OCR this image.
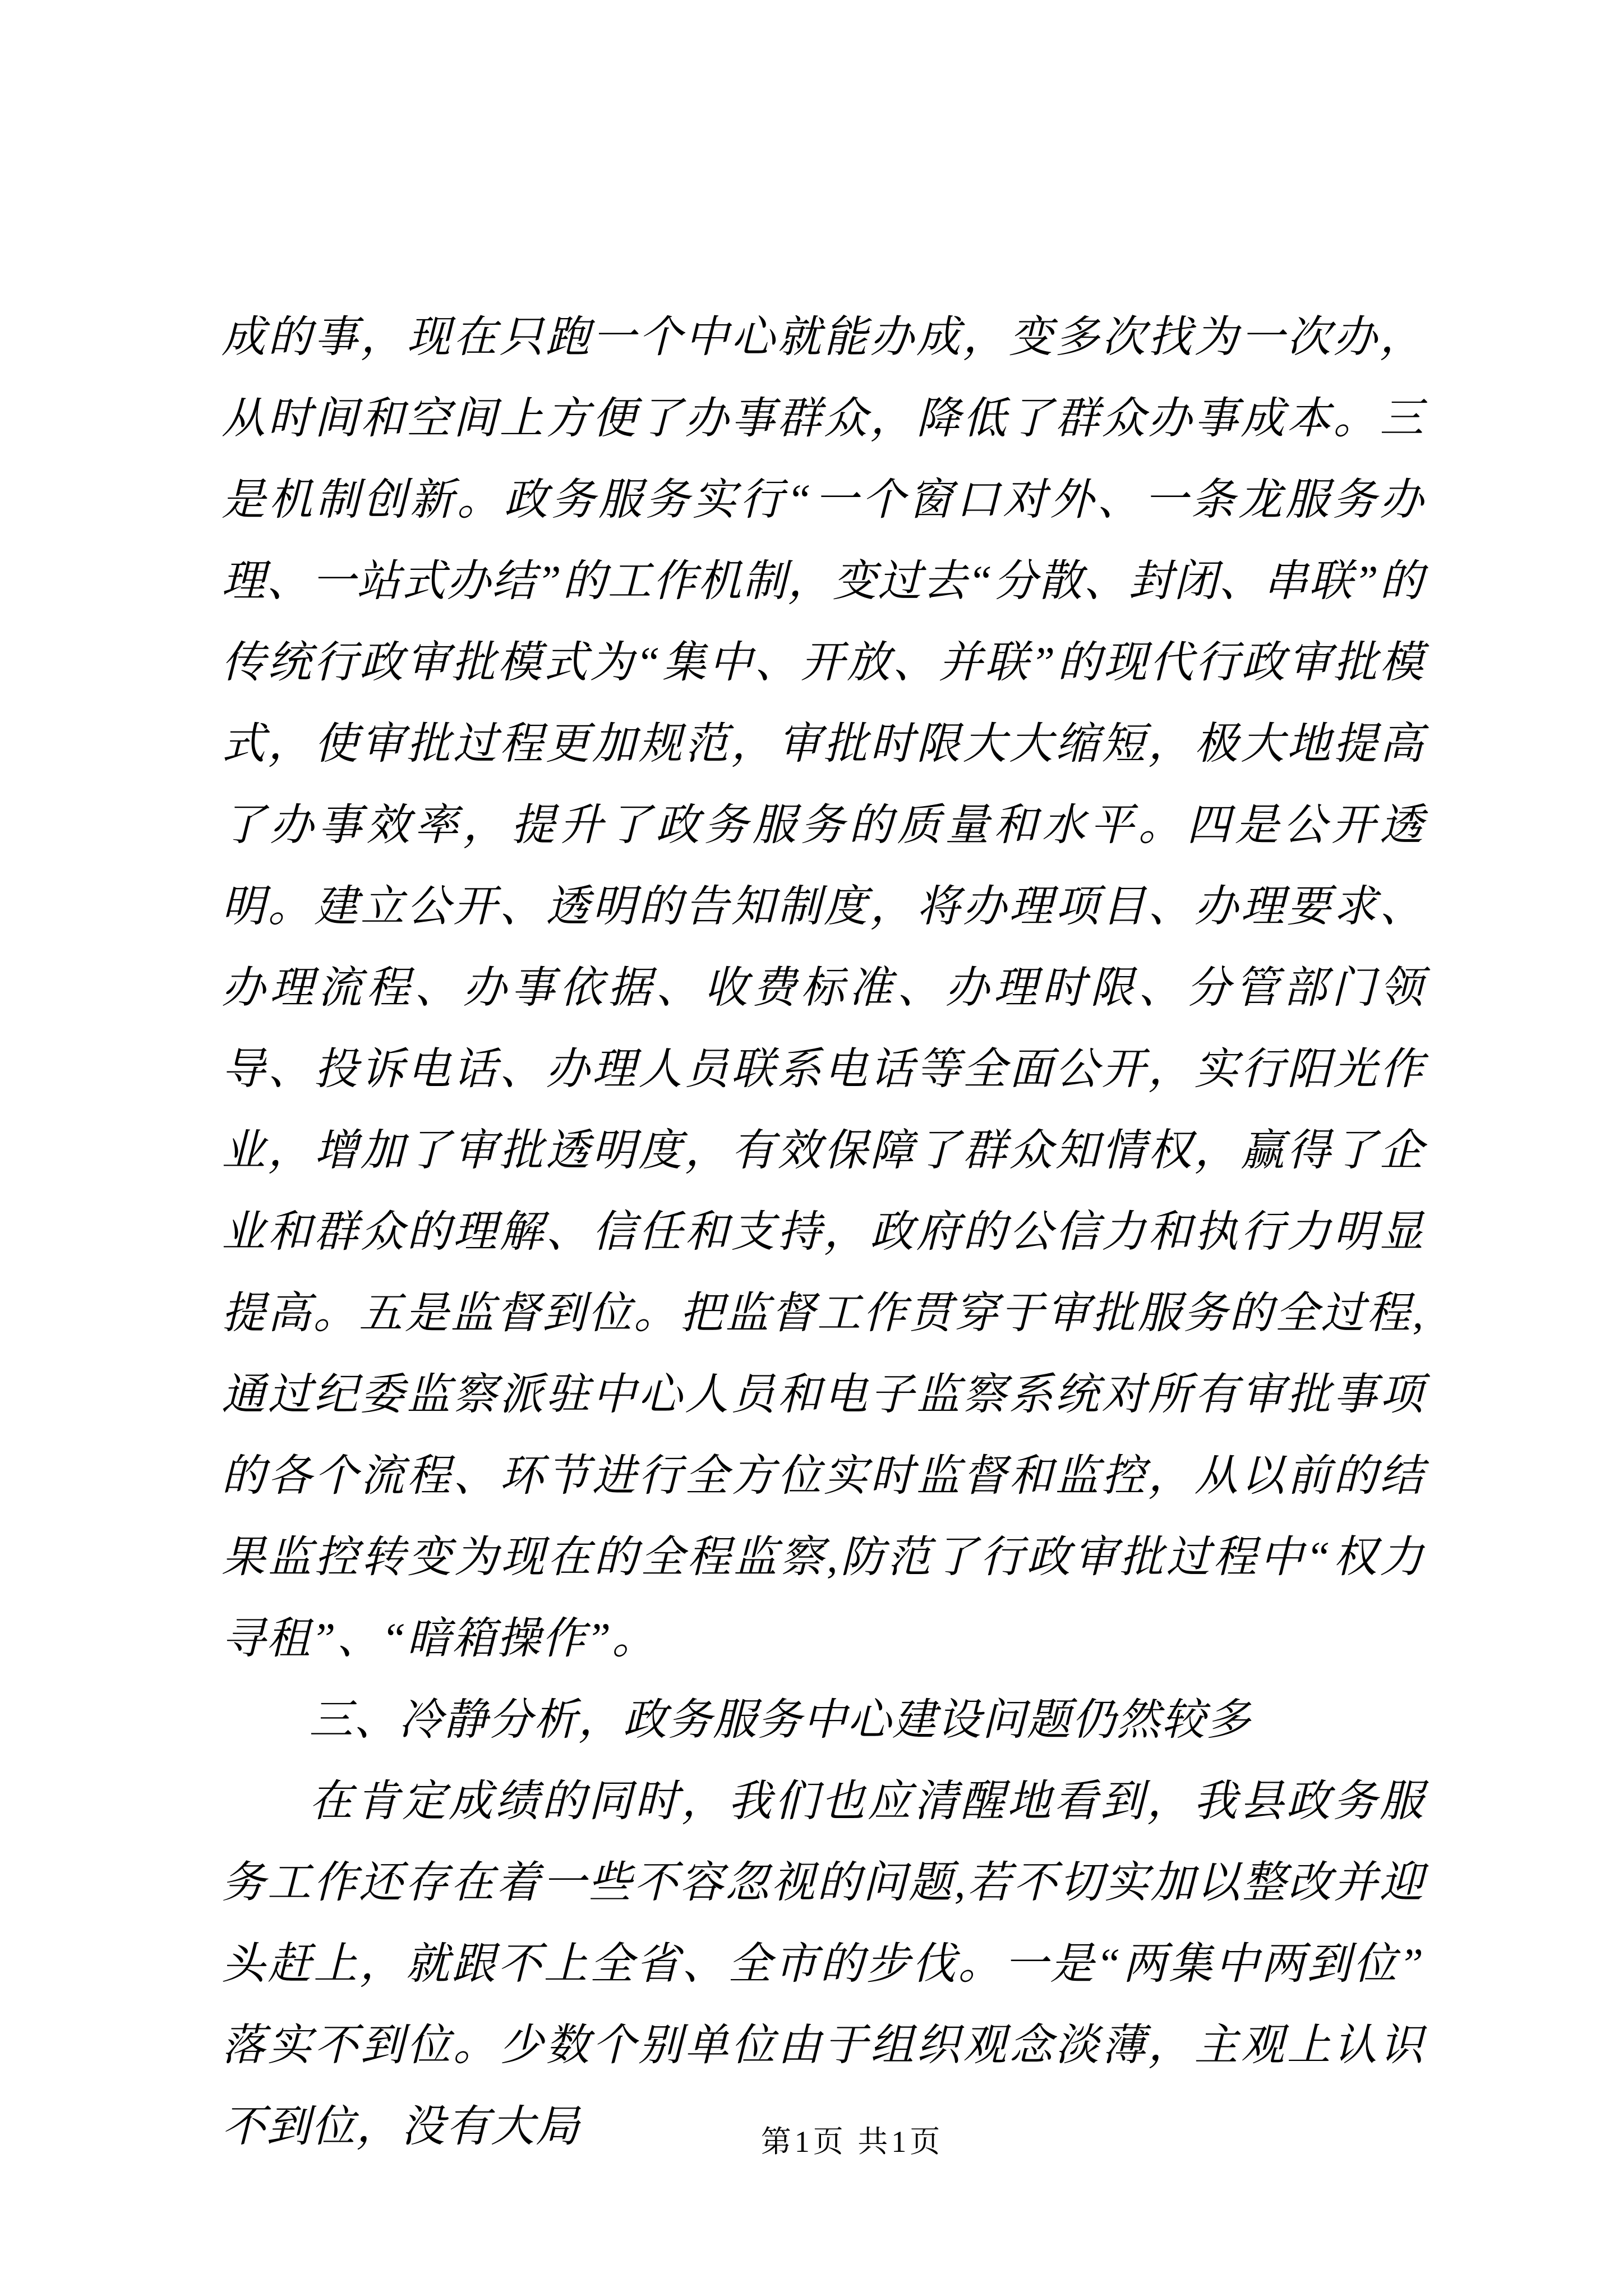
成的事，现在只跑一个中心就能办成，变多次找为一次办，从时间和空间上方便了办事群众，降低了群众办事成本。三是机制创新。政务服务实行“一个窗口对外、一条龙服务办理、一站式办结”的工作机制，变过去“分散、封闭、串联”的传统行政审批模式为“集中、开放、并联”的现代行政审批模式，使审批过程更加规范，审批时限大大缩短，极大地提高了办事效率，提升了政务服务的质量和水平。四是公开透明。建立公开、透明的告知制度，将办理项目、办理要求、办理流程、办事依据、收费标准、办理时限、分管部门领导、投诉电话、办理人员联系电话等全面公开，实行阳光作业，增加了审批透明度，有效保障了群众知情权，赢得了企业和群众的理解、信任和支持，政府的公信力和执行力明显提高。五是监督到位。把监督工作贯穿于审批服务的全过程,通过纪委监察派驻中心人员和电子监察系统对所有审批事项的各个流程、环节进行全方位实时监督和监控，从以前的结果监控转变为现在的全程监察,防范了行政审批过程中“权力寻租”、“暗箱操作”。

三、冷静分析，政务服务中心建设问题仍然较多

在肯定成绩的同时，我们也应清醒地看到，我县政务服务工作还存在着一些不容忽视的问题,若不切实加以整改并迎头赶上，就跟不上全省、全市的步伐。一是“两集中两到位”落实不到位。少数个别单位由于组织观念淡薄，主观上认识不到位，没有大局	第1页 共1页
